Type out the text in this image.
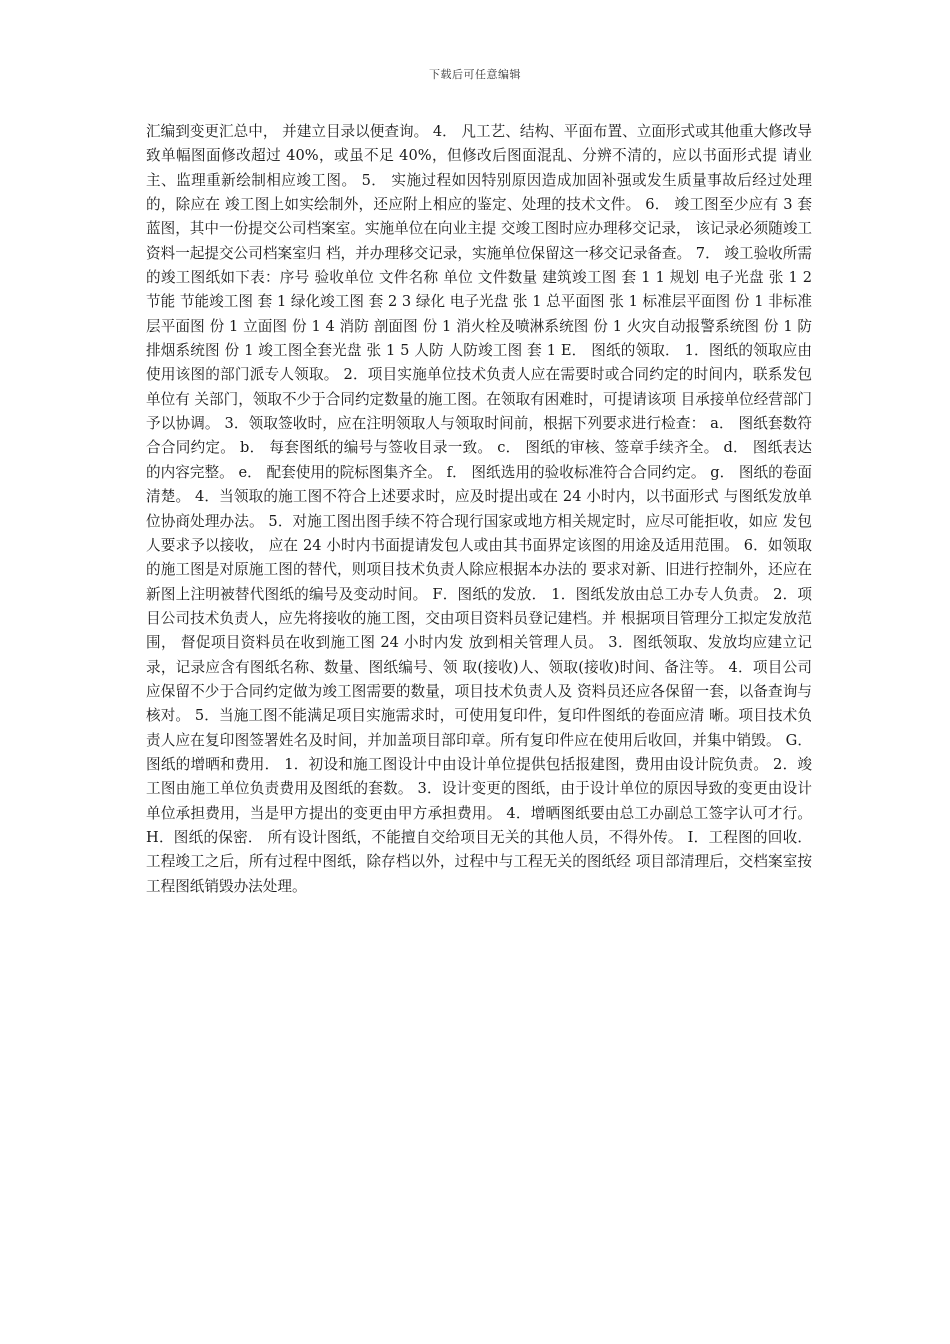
下载后可任意编辑

汇编到变更汇总中， 并建立目录以便查询。 4． 凡工艺、结构、平面布置、立面形式或其他重大修改导致单幅图面修改超过 40%，或虽不足 40%，但修改后图面混乱、分辨不清的，应以书面形式提 请业主、监理重新绘制相应竣工图。 5． 实施过程如因特别原因造成加固补强或发生质量事故后经过处理的，除应在 竣工图上如实绘制外，还应附上相应的鉴定、处理的技术文件。 6． 竣工图至少应有 3 套蓝图，其中一份提交公司档案室。实施单位在向业主提 交竣工图时应办理移交记录， 该记录必须随竣工资料一起提交公司档案室归 档，并办理移交记录，实施单位保留这一移交记录备查。 7． 竣工验收所需的竣工图纸如下表：序号 验收单位 文件名称 单位 文件数量 建筑竣工图 套 1 1 规划 电子光盘 张 1 2 节能 节能竣工图 套 1 绿化竣工图 套 2 3 绿化 电子光盘 张 1 总平面图 张 1 标准层平面图 份 1 非标准层平面图 份 1 立面图 份 1 4 消防 剖面图 份 1 消火栓及喷淋系统图 份 1 火灾自动报警系统图 份 1 防排烟系统图 份 1 竣工图全套光盘 张 1 5 人防 人防竣工图 套 1 E． 图纸的领取． 1．图纸的领取应由使用该图的部门派专人领取。 2．项目实施单位技术负责人应在需要时或合同约定的时间内，联系发包单位有 关部门，领取不少于合同约定数量的施工图。在领取有困难时，可提请该项 目承接单位经营部门予以协调。 3．领取签收时，应在注明领取人与领取时间前，根据下列要求进行检查： a． 图纸套数符合合同约定。 b． 每套图纸的编号与签收目录一致。 c． 图纸的审核、签章手续齐全。 d． 图纸表达的内容完整。 e． 配套使用的院标图集齐全。 f． 图纸选用的验收标准符合合同约定。 g． 图纸的卷面清楚。 4．当领取的施工图不符合上述要求时，应及时提出或在 24 小时内，以书面形式 与图纸发放单位协商处理办法。 5．对施工图出图手续不符合现行国家或地方相关规定时，应尽可能拒收，如应 发包人要求予以接收， 应在 24 小时内书面提请发包人或由其书面界定该图的用途及适用范围。 6．如领取的施工图是对原施工图的替代，则项目技术负责人除应根据本办法的 要求对新、旧进行控制外，还应在新图上注明被替代图纸的编号及变动时间。 F．图纸的发放． 1．图纸发放由总工办专人负责。 2．项目公司技术负责人，应先将接收的施工图，交由项目资料员登记建档。并 根据项目管理分工拟定发放范围， 督促项目资料员在收到施工图 24 小时内发 放到相关管理人员。 3．图纸领取、发放均应建立记录，记录应含有图纸名称、数量、图纸编号、领 取(接收)人、领取(接收)时间、备注等。 4．项目公司应保留不少于合同约定做为竣工图需要的数量，项目技术负责人及 资料员还应各保留一套，以备查询与核对。 5．当施工图不能满足项目实施需求时，可使用复印件，复印件图纸的卷面应清 晰。项目技术负责人应在复印图签署姓名及时间，并加盖项目部印章。所有复印件应在使用后收回，并集中销毁。 G．图纸的增晒和费用． 1．初设和施工图设计中由设计单位提供包括报建图，费用由设计院负责。 2．竣工图由施工单位负责费用及图纸的套数。 3．设计变更的图纸，由于设计单位的原因导致的变更由设计单位承担费用，当是甲方提出的变更由甲方承担费用。 4．增晒图纸要由总工办副总工签字认可才行。 H．图纸的保密． 所有设计图纸，不能擅自交给项目无关的其他人员，不得外传。 I．工程图的回收． 工程竣工之后，所有过程中图纸，除存档以外，过程中与工程无关的图纸经 项目部清理后，交档案室按工程图纸销毁办法处理。
